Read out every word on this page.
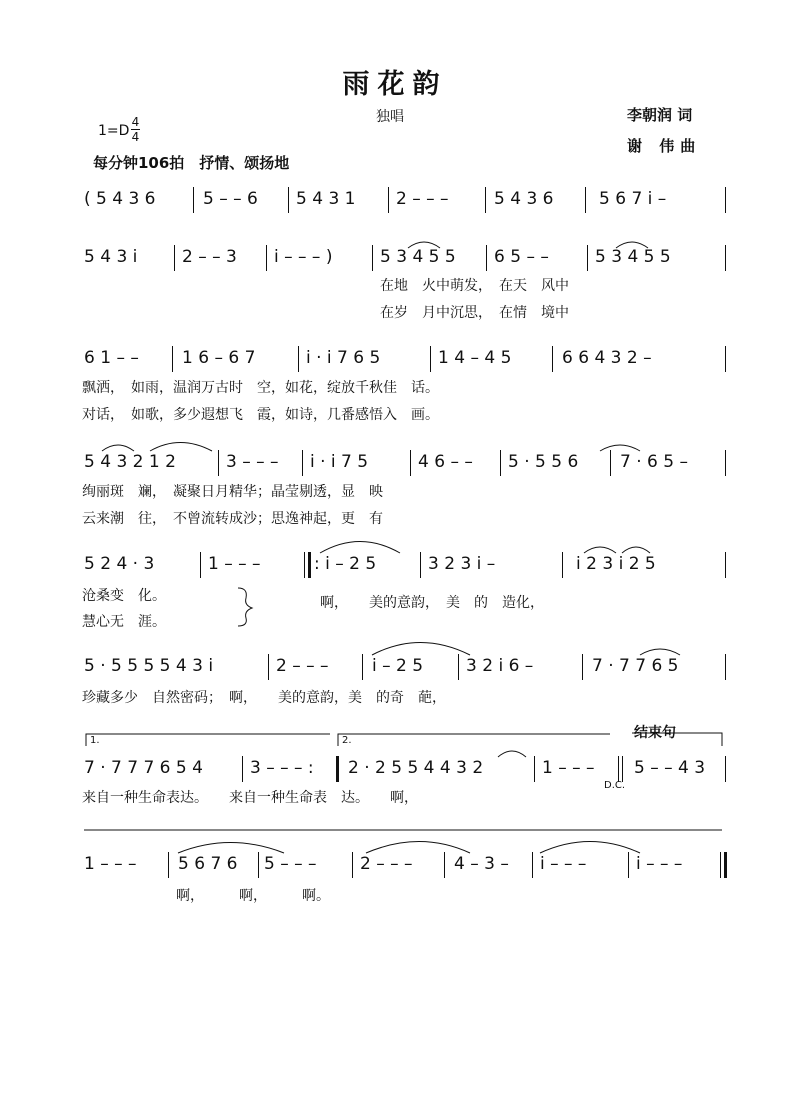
雨花韵
独唱	李朝润 词
谢 伟曲
1=D
4
4
每分钟106拍　抒情、颂扬地
( 5 4 3 6	5 – – 6 5 4 3 1 2 – – –	5 4 3 6	5 6 7 i –
5 4 3 i	2 – – 3 i – – – )	5 3 4 5 5 6 5 – –	5 3 4 5 5
在地　火中萌发，　在天　风中
在岁　月中沉思，　在情　境中
6 1 – –	1 6 – 6 7	i · i 7 6 5	1 4 – 4 5	6 6 4 3 2 –
飘洒，　如雨，温润万古时　空，如花，绽放千秋佳　话。
对话，　如歌，多少遐想飞　霞，如诗，几番感悟入　画。
5 4 3 2 1 2	3 – – – i · i 7 5	4 6 – – 5 · 5 5 6 7 · 6 5 –
绚丽斑　斓，　凝聚日月精华；晶莹剔透，显　映
云来潮　往，　不曾流转成沙；思逸神起，更　有
5 2 4 · 3	1 – – –	: i – 2 5	3 2 3 i –	i 2 3 i 2 5
沧桑变　化。
慧心无　涯。
啊，　　美的意韵，　美　的　造化，
5 · 5 5 5 5 4 3 i	2 – – –	i – 2 5	3 2 i 6 –	7 · 7 7 6 5
珍藏多少　自然密码；　啊，　　美的意韵，美　的奇　葩，
1.	2.	结束句
7 · 7 7 7 6 5 4	3 – – – : 2 · 2 5 5 4 4 3 2	1 – – – 5 – – 4 3
来自一种生命表达。　　来自一种生命表　达。　　啊，
D.C.
1 – – – 5 6 7 6 5 – – –	2 – – – 4 – 3 – i – – –	i – – –
啊，　　　啊，　　　啊。
